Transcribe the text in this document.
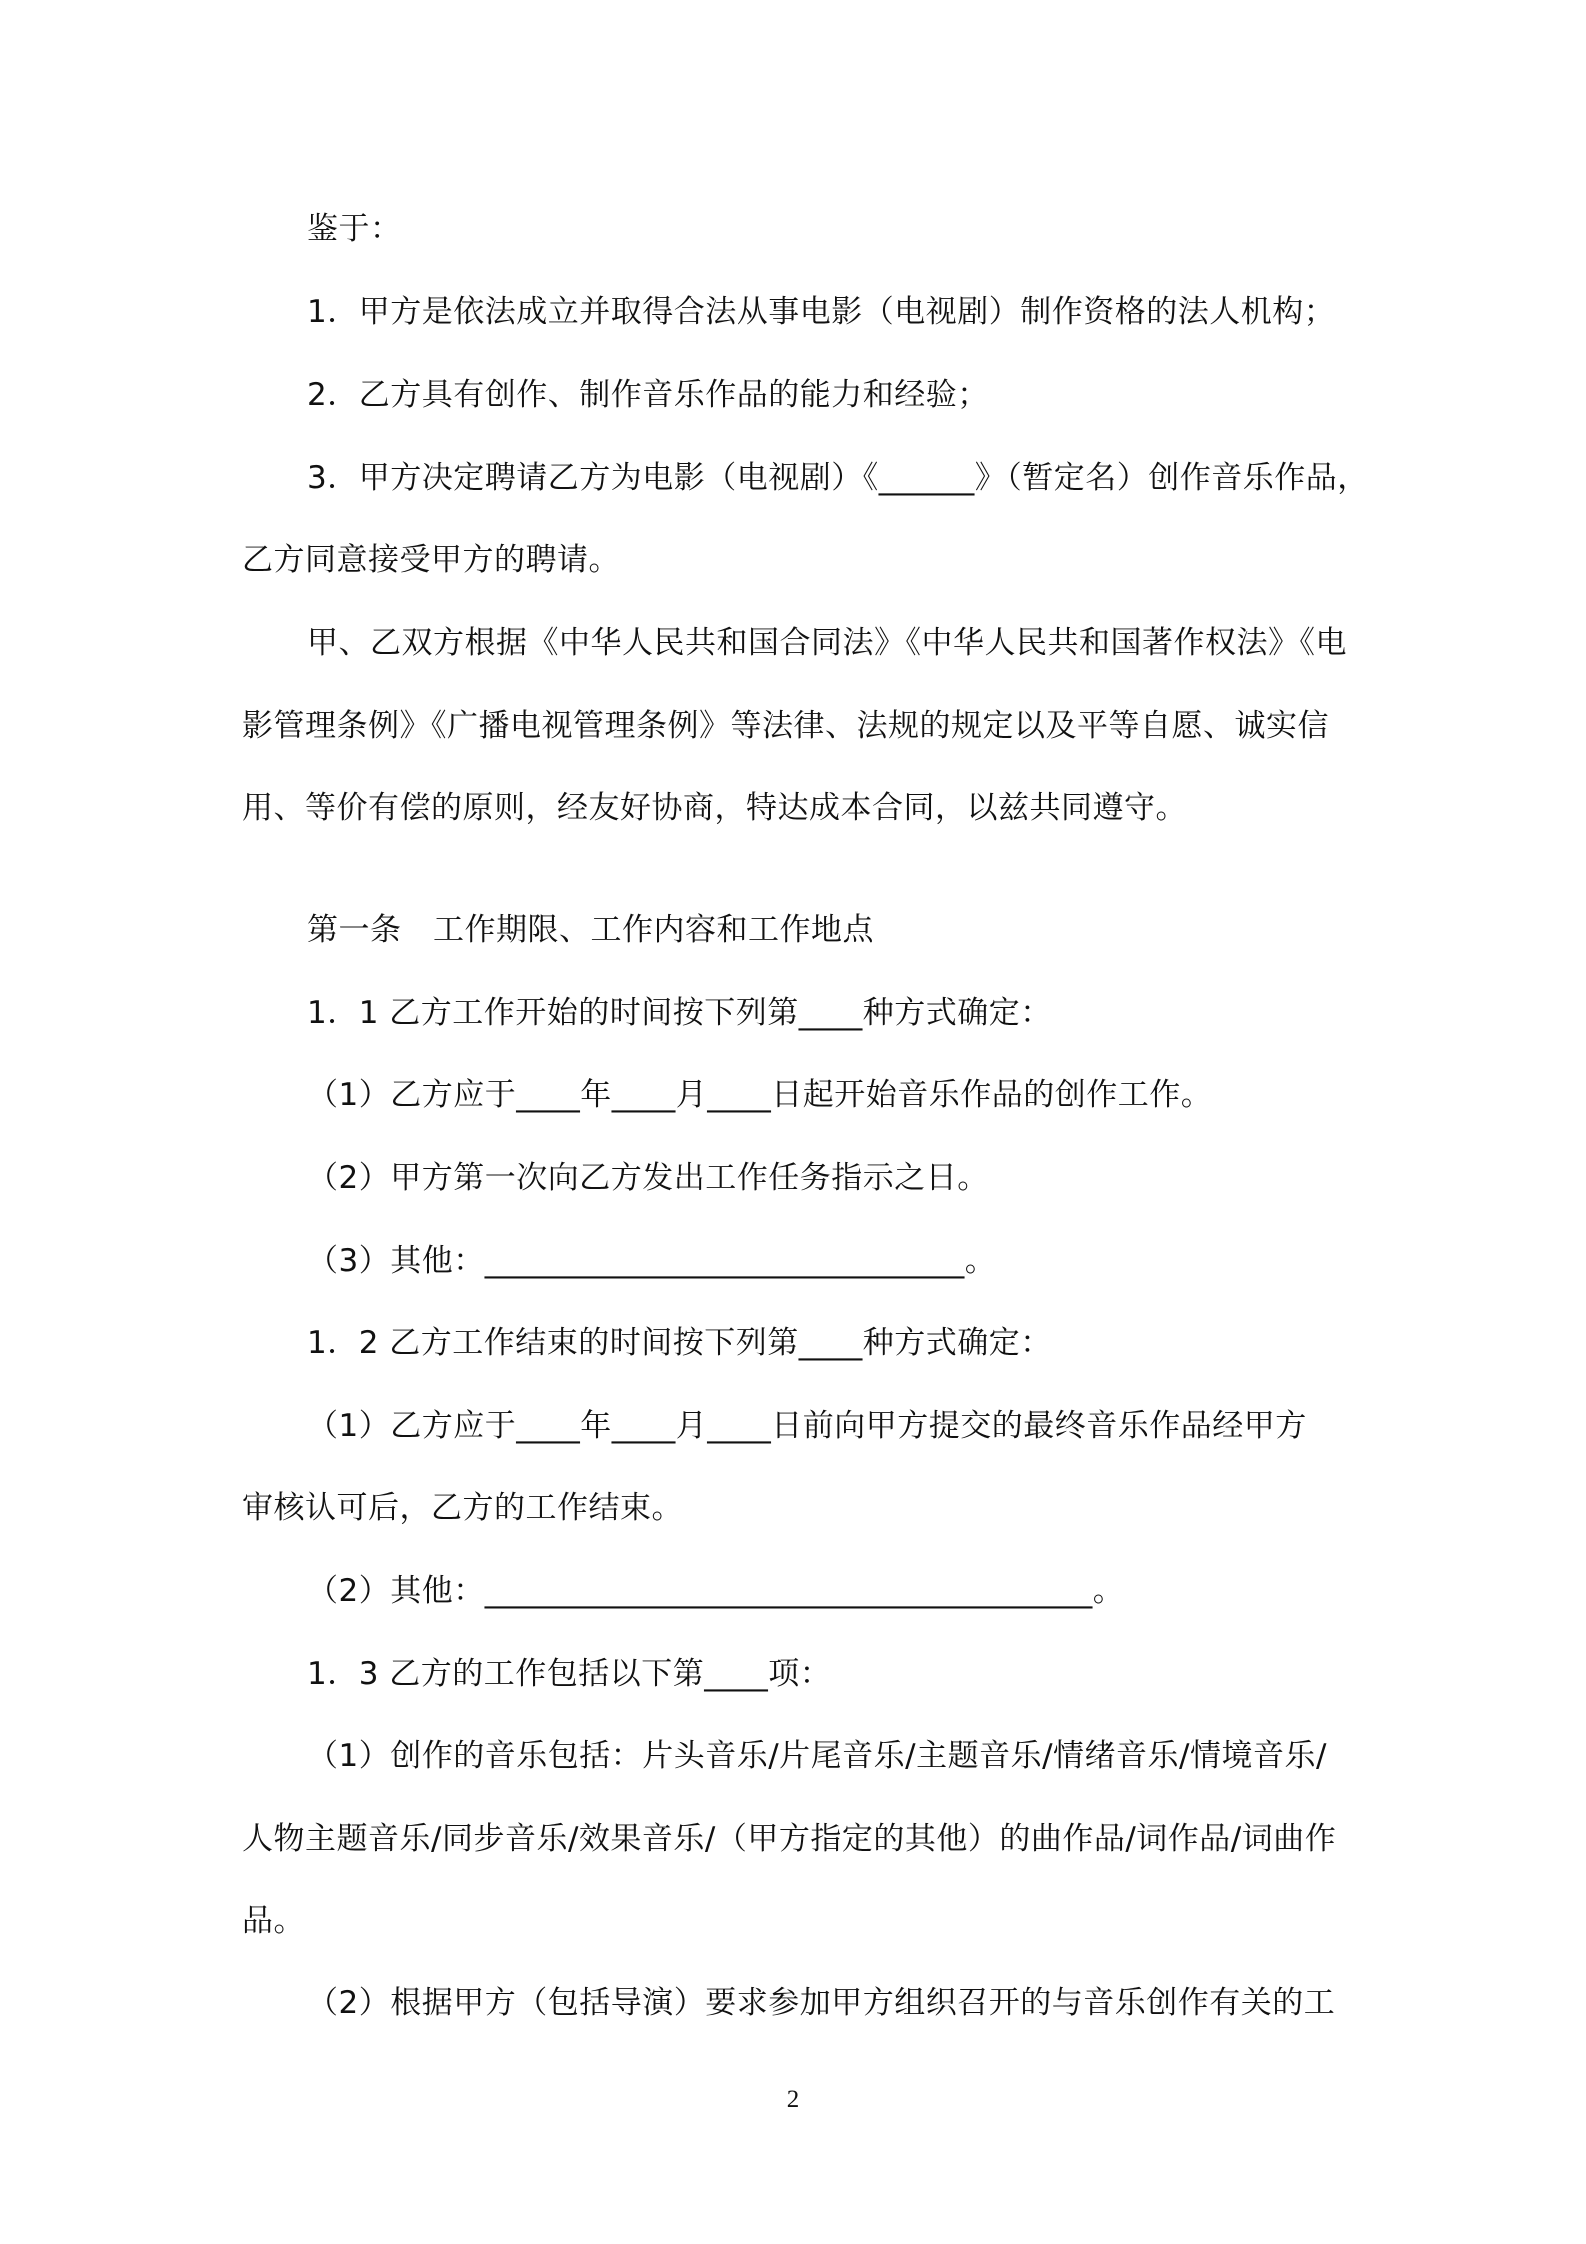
鉴于：
1．甲方是依法成立并取得合法从事电影（电视剧）制作资格的法人机构；
2．乙方具有创作、制作音乐作品的能力和经验；
3．甲方决定聘请乙方为电影（电视剧）《______》（暂定名）创作音乐作品，
乙方同意接受甲方的聘请。
甲、乙双方根据《中华人民共和国合同法》《中华人民共和国著作权法》《电
影管理条例》《广播电视管理条例》等法律、法规的规定以及平等自愿、诚实信
用、等价有偿的原则，经友好协商，特达成本合同，以兹共同遵守。
第一条　工作期限、工作内容和工作地点
1．1 乙方工作开始的时间按下列第____种方式确定：
（1）乙方应于____年____月____日起开始音乐作品的创作工作。
（2）甲方第一次向乙方发出工作任务指示之日。
（3）其他：______________________________。
1．2 乙方工作结束的时间按下列第____种方式确定：
（1）乙方应于____年____月____日前向甲方提交的最终音乐作品经甲方
审核认可后，乙方的工作结束。
（2）其他：______________________________________。
1．3 乙方的工作包括以下第____项：
（1）创作的音乐包括：片头音乐/片尾音乐/主题音乐/情绪音乐/情境音乐/
人物主题音乐/同步音乐/效果音乐/（甲方指定的其他）的曲作品/词作品/词曲作
品。
（2）根据甲方（包括导演）要求参加甲方组织召开的与音乐创作有关的工
2
